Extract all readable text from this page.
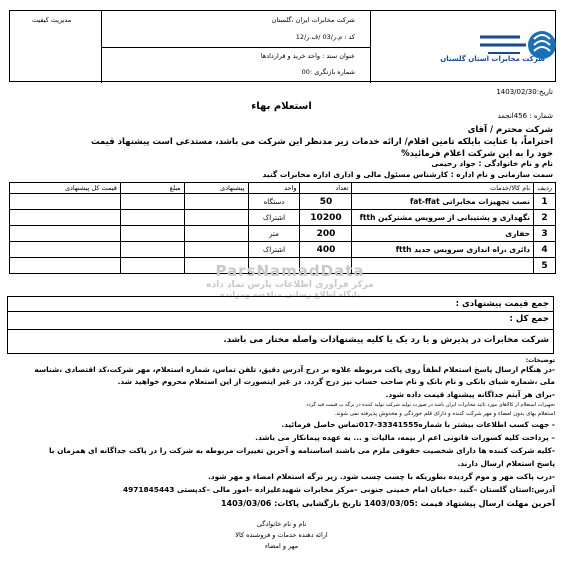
شرکت مخابرات ایران ،گلستان
مدیریت کیفیت
کد : م.ر/03 /ف.ر/12
عنوان سند : واحد خرید و قراردادها
شماره بازنگری :00
شرکت مخابرات استان گلستان
تاریخ:1403/02/30
استعلام بهاء
شماره : 456انجمد
شرکت محترم / آقای
احتراماً، با عنایت بایلکه تامین اقلام/ ارائه خدمات زیر مدنظر این شرکت می باشد، مستدعی است پیشنهاد قیمت
خود را به این شرکت اعلام فرمائید%
نام و نام خانوادگی : جواد رحیمی
سمت سازمانی و نام اداره : کارشناس مسئول مالی و اداری اداره مخابرات گنبد
ردیف	نام کالا/خدمات	تعداد	واحد	پیشنهادی	مبلغ	قیمت کل پیشنهادی
1	نصب تجهیزات مخابراتی fat-ffat	50	دستگاه			
2	نگهداری و پشتیبانی از سرویس مشترکین ftth	10200	اشتراک			
3	حفاری	200	متر			
4	دائری ،راه اندازی سرویس جدید ftth	400	اشتراک			
5						
ParsNamadData
مرکز فرآوری اطلاعات پارس نماد داده
پایگاه اطلاع رسانی مناقصه ومزایده
جمع قیمت پیشنهادی :
جمع کل :
شرکت مخابرات در پذیرش و یا رد یک یا کلیه پیشنهادات واصله مختار می باشد.
توضیحات:
-در هنگام ارسال پاسخ استعلام لطفاً روی پاکت مربوطه علاوه بر درج آدرس دقیق، تلفن تماس، شماره استعلام، مهر شرکت،کد اقتصادی ،شناسه
ملی ،شماره شبای بانکی و نام بانک و نام صاحب حساب نیز درج گردد. در غیر اینصورت از این استعلام محروم خواهید شد.
-برای هر آیتم جداگانه پیشنهاد قیمت داده شود.
تجهیزات استعلام از کالاهای مورد تائید مخابرات ایران باشد در صورت تولید شرکت تولید کننده در برگه پ قیمت قید گردد
استعلام بهای بدون امضاء و مهر شرکت کننده و دارای قلم خوردگی و مخدوش پذیرفته نمی شوند.
- جهت کسب اطلاعات بیشتر با شماره33341555-017تماس حاصل فرمائید.
– پرداخت کلیه کسورات قانونی اعم از بیمه، مالیات و ... به عهده پیمانکار می باشد.
-کلیه شرکت کننده ها دارای شخصیت حقوقی ملزم می باشند اساسنامه و آخرین تغییرات مربوطه به شرکت را در پاکت جداگانه ای همزمان با
پاسخ استعلام ارسال دارند.
-درب پاکت مهر و موم گردیده بطوریکه با چسب چسب شود. زیر برگه استعلام امضاء و مهر شود.
آدرس:استان گلستان –گنبد -خیابان امام خمینی جنوبی –مرکز مخابرات شهیدعلیزاده –امور مالی –کدپستی 4971845443
آخرین مهلت ارسال پیشنهاد قیمت :1403/03/05 تاریخ بازگشایی پاکات: 1403/03/06
نام و نام خانوادگی
ارائه دهنده خدمات و فروشنده کالا
مهر و امضاء
